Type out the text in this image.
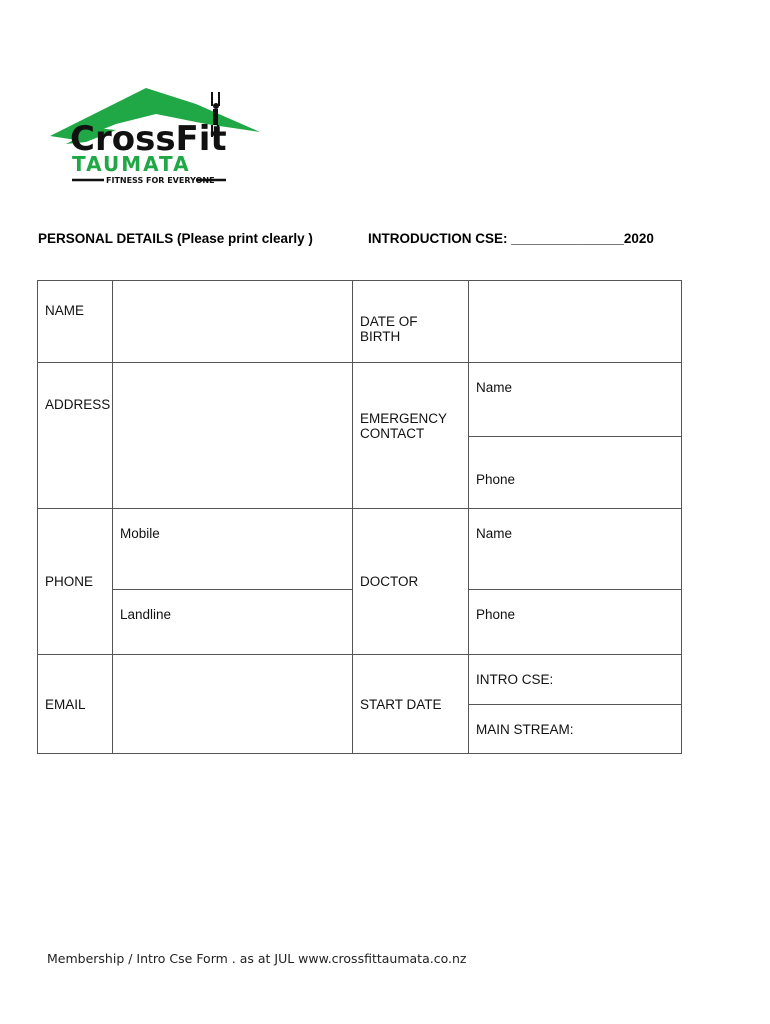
CrossFit
TAUMATA
FITNESS FOR EVERYONE
PERSONAL DETAILS (Please print clearly )	INTRODUCTION CSE: _______________2020
NAME		DATE OF BIRTH	
ADDRESS		EMERGENCY CONTACT	Name
			Phone
PHONE	Mobile	DOCTOR	Name
	Landline		Phone
EMAIL		START DATE	INTRO CSE:
			MAIN STREAM:
Membership / Intro Cse Form . as at JUL www.crossfittaumata.co.nz
